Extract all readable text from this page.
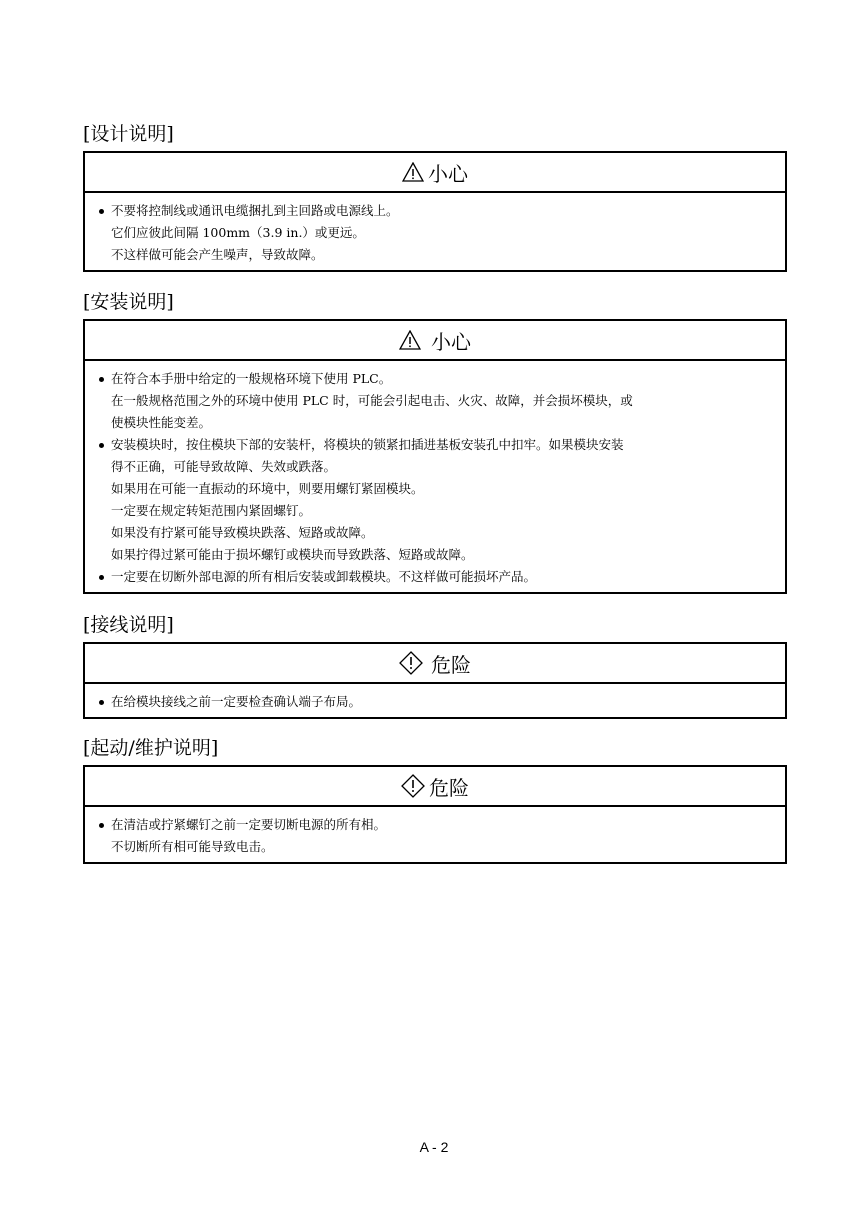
[设计说明]
小心
不要将控制线或通讯电缆捆扎到主回路或电源线上。
它们应彼此间隔 100mm（3.9 in.）或更远。
不这样做可能会产生噪声，导致故障。
[安装说明]
小心
在符合本手册中给定的一般规格环境下使用 PLC。
在一般规格范围之外的环境中使用 PLC 时，可能会引起电击、火灾、故障，并会损坏模块，或
使模块性能变差。
安装模块时，按住模块下部的安装杆，将模块的锁紧扣插进基板安装孔中扣牢。如果模块安装
得不正确，可能导致故障、失效或跌落。
如果用在可能一直振动的环境中，则要用螺钉紧固模块。
一定要在规定转矩范围内紧固螺钉。
如果没有拧紧可能导致模块跌落、短路或故障。
如果拧得过紧可能由于损坏螺钉或模块而导致跌落、短路或故障。
一定要在切断外部电源的所有相后安装或卸载模块。不这样做可能损坏产品。
[接线说明]
危险
在给模块接线之前一定要检查确认端子布局。
[起动/维护说明]
危险
在清洁或拧紧螺钉之前一定要切断电源的所有相。
不切断所有相可能导致电击。
A - 2
